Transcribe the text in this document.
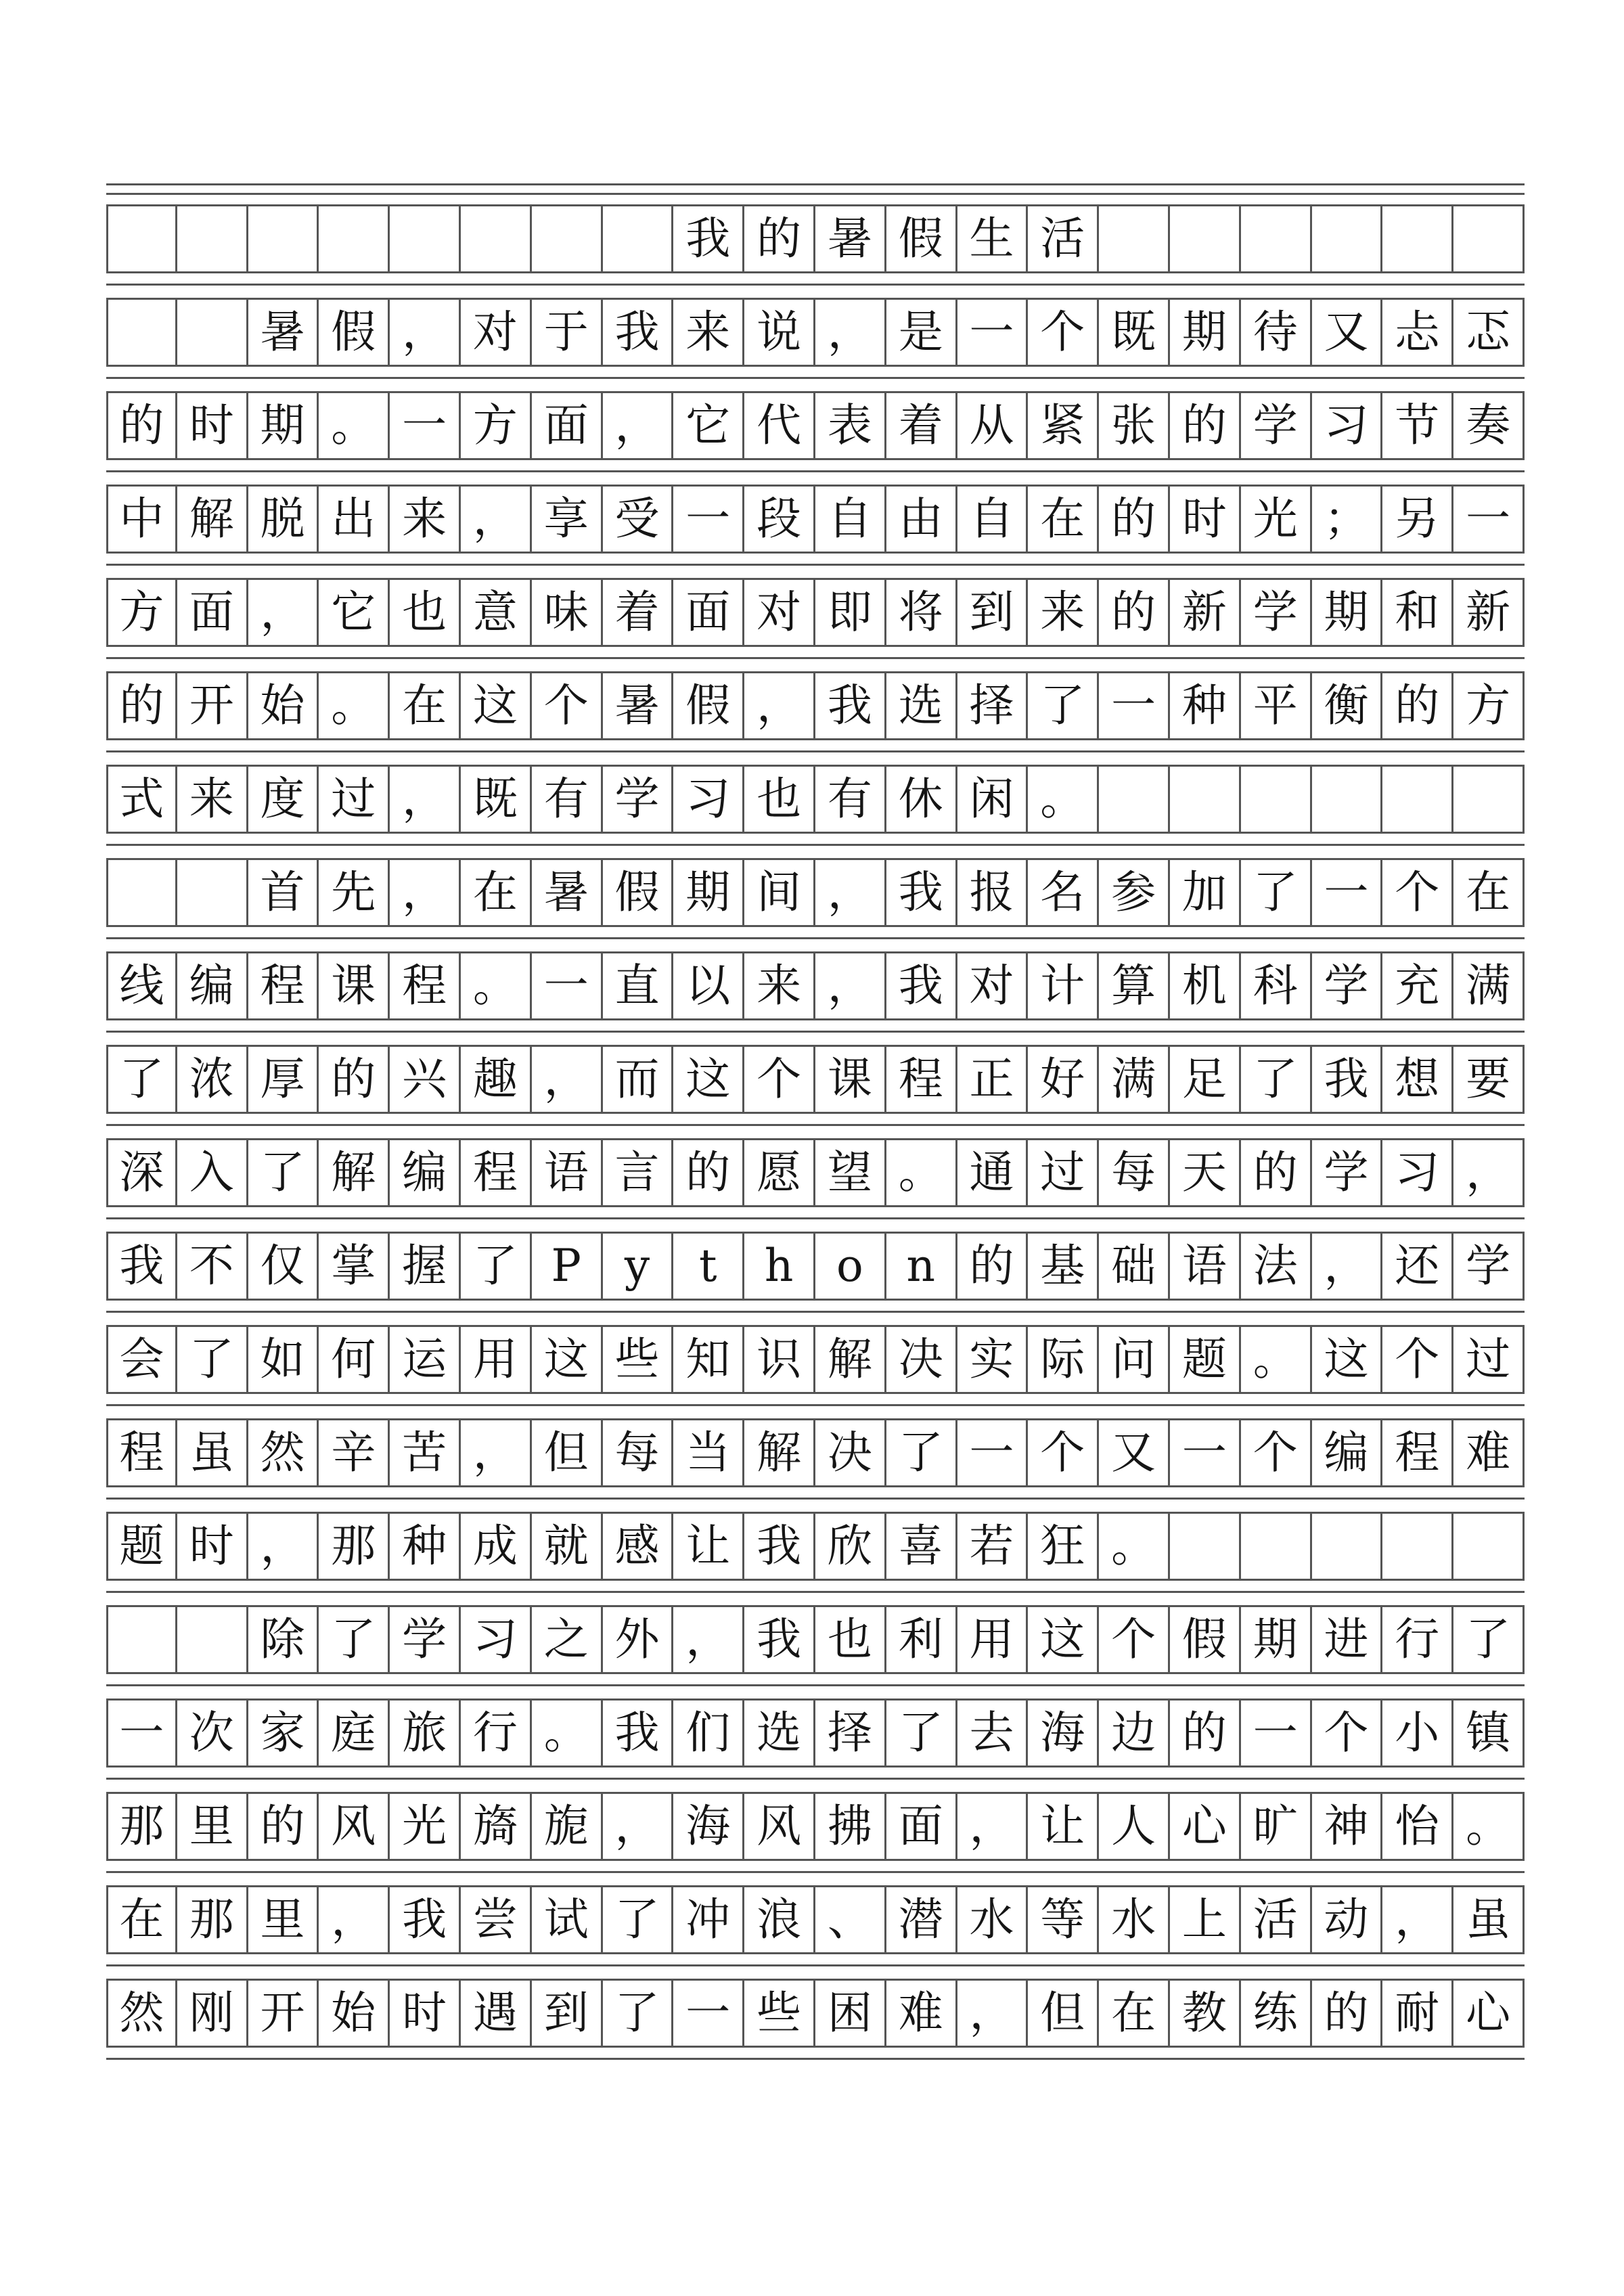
我 的 暑 假 生 活
暑 假 ， 对 于 我 来 说 ， 是 一 个 既 期 待 又 忐 忑
的 时 期 。 一 方 面 ， 它 代 表 着 从 紧 张 的 学 习 节 奏
中 解 脱 出 来 ， 享 受 一 段 自 由 自 在 的 时 光 ； 另 一
方 面 ， 它 也 意 味 着 面 对 即 将 到 来 的 新 学 期 和 新
的 开 始 。 在 这 个 暑 假 ， 我 选 择 了 一 种 平 衡 的 方
式 来 度 过 ， 既 有 学 习 也 有 休 闲 。
首 先 ， 在 暑 假 期 间 ， 我 报 名 参 加 了 一 个 在
线 编 程 课 程 。 一 直 以 来 ， 我 对 计 算 机 科 学 充 满
了 浓 厚 的 兴 趣 ， 而 这 个 课 程 正 好 满 足 了 我 想 要
深 入 了 解 编 程 语 言 的 愿 望 。 通 过 每 天 的 学 习 ，
我 不 仅 掌 握 了 P y	t	h o n 的 基 础 语 法 ， 还 学
会 了 如 何 运 用 这 些 知 识 解 决 实 际 问 题 。 这 个 过
程 虽 然 辛 苦 ， 但 每 当 解 决 了 一 个 又 一 个 编 程 难
题 时 ， 那 种 成 就 感 让 我 欣 喜 若 狂 。
除 了 学 习 之 外 ， 我 也 利 用 这 个 假 期 进 行 了
一 次 家 庭 旅 行 。 我 们 选 择 了 去 海 边 的 一 个 小 镇
那 里 的 风 光 旖 旎 ， 海 风 拂 面 ， 让 人 心 旷 神 怡 。
在 那 里 ， 我 尝 试 了 冲 浪 、 潜 水 等 水 上 活 动 ， 虽
然 刚 开 始 时 遇 到 了 一 些 困 难 ， 但 在 教 练 的 耐 心
